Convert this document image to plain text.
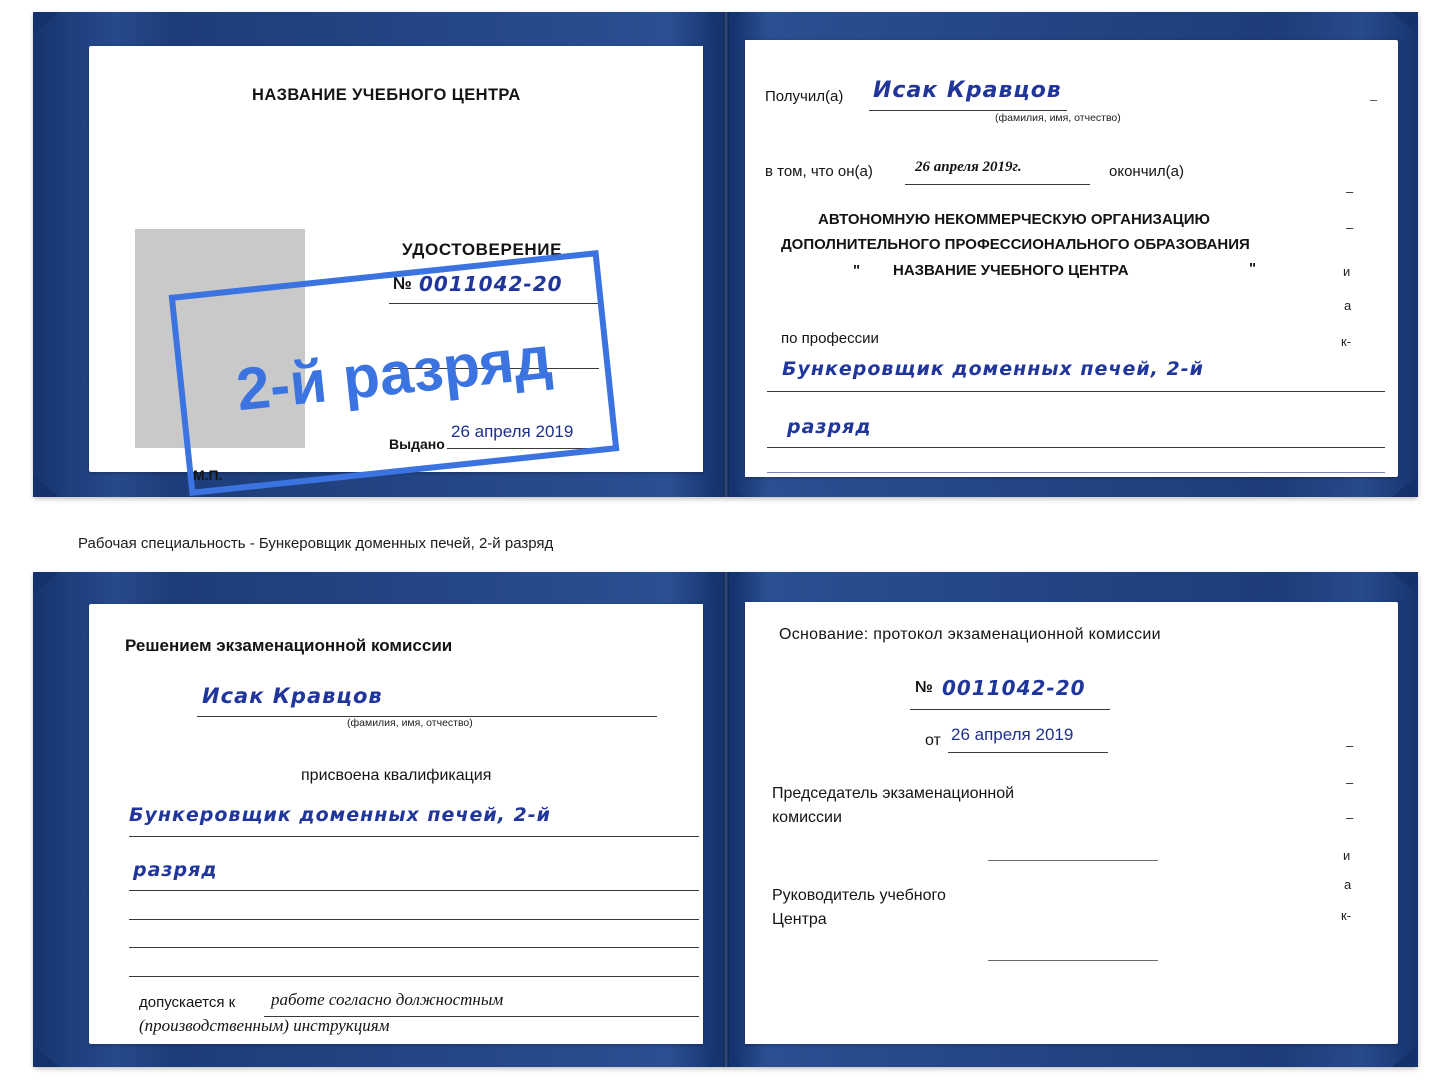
НАЗВАНИЕ УЧЕБНОГО ЦЕНТРА
УДОСТОВЕРЕНИЕ
№ 0011042-20
Выдано
26 апреля 2019
М.П.
Получил(а) Исак Кравцов
(фамилия, имя, отчество)
в том, что он(а)	26 апреля 2019г.	окончил(а)
АВТОНОМНУЮ НЕКОММЕРЧЕСКУЮ ОРГАНИЗАЦИЮ
ДОПОЛНИТЕЛЬНОГО ПРОФЕССИОНАЛЬНОГО ОБРАЗОВАНИЯ
" НАЗВАНИЕ УЧЕБНОГО ЦЕНТРА	"
по профессии
Бункеровщик доменных печей, 2-й
разряд
–
–
–
и
а
к-
2-й разряд
Рабочая специальность - Бункеровщик доменных печей, 2-й разряд
Решением экзаменационной комиссии
Исак Кравцов
(фамилия, имя, отчество)
присвоена квалификация
Бункеровщик доменных печей, 2-й
разряд
допускается к работе согласно должностным
(производственным) инструкциям
Основание: протокол экзаменационной комиссии
№ 0011042-20
от 26 апреля 2019
Председатель экзаменационной
комиссии
Руководитель учебного
Центра
–
–
–
и
а
к-
